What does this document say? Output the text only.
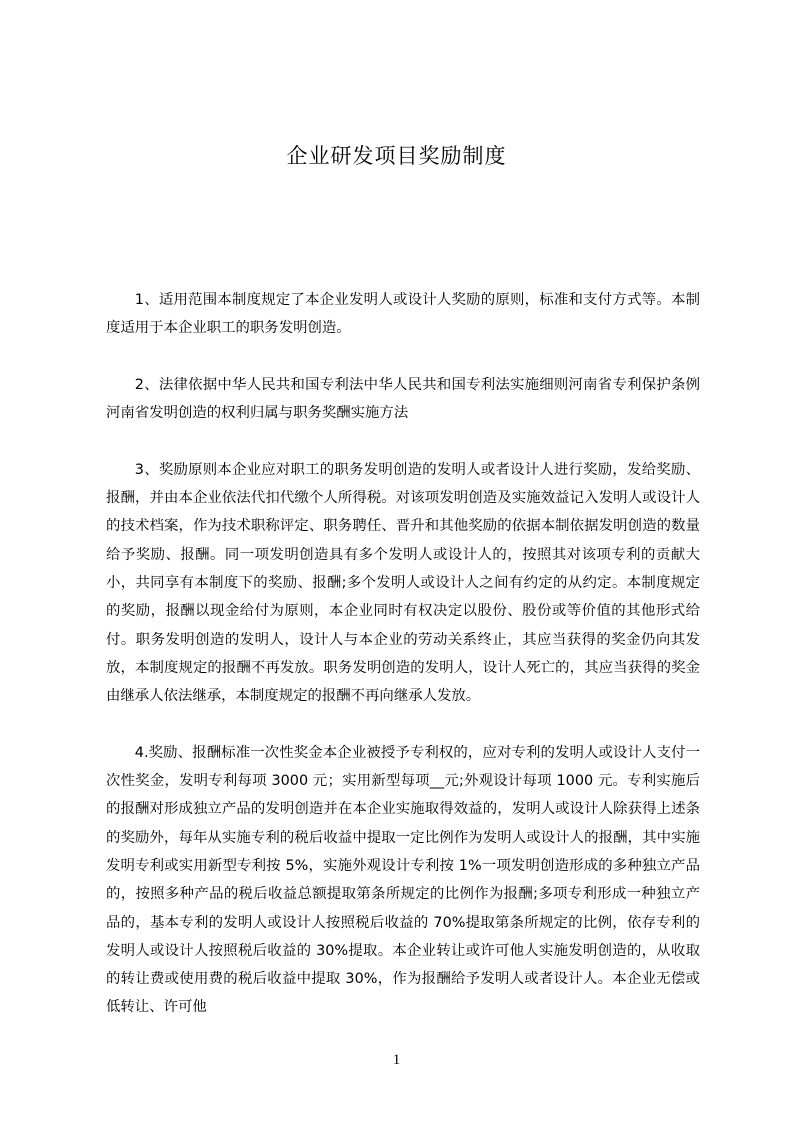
企业研发项目奖励制度

1、适用范围本制度规定了本企业发明人或设计人奖励的原则，标准和支付方式等。本制度适用于本企业职工的职务发明创造。

2、法律依据中华人民共和国专利法中华人民共和国专利法实施细则河南省专利保护条例河南省发明创造的权利归属与职务奖酬实施方法

3、奖励原则本企业应对职工的职务发明创造的发明人或者设计人进行奖励，发给奖励、报酬，并由本企业依法代扣代缴个人所得税。对该项发明创造及实施效益记入发明人或设计人的技术档案，作为技术职称评定、职务聘任、晋升和其他奖励的依据本制依据发明创造的数量给予奖励、报酬。同一项发明创造具有多个发明人或设计人的，按照其对该项专利的贡献大小，共同享有本制度下的奖励、报酬;多个发明人或设计人之间有约定的从约定。本制度规定的奖励，报酬以现金给付为原则，本企业同时有权决定以股份、股份或等价值的其他形式给付。职务发明创造的发明人，设计人与本企业的劳动关系终止，其应当获得的奖金仍向其发放，本制度规定的报酬不再发放。职务发明创造的发明人，设计人死亡的，其应当获得的奖金由继承人依法继承，本制度规定的报酬不再向继承人发放。

4.奖励、报酬标准一次性奖金本企业被授予专利权的，应对专利的发明人或设计人支付一次性奖金，发明专利每项 3000 元；实用新型每项__元;外观设计每项 1000 元。专利实施后的报酬对形成独立产品的发明创造并在本企业实施取得效益的，发明人或设计人除获得上述条的奖励外，每年从实施专利的税后收益中提取一定比例作为发明人或设计人的报酬，其中实施发明专利或实用新型专利按 5%，实施外观设计专利按 1%一项发明创造形成的多种独立产品的，按照多种产品的税后收益总额提取第条所规定的比例作为报酬;多项专利形成一种独立产品的，基本专利的发明人或设计人按照税后收益的 70%提取第条所规定的比例，依存专利的发明人或设计人按照税后收益的 30%提取。本企业转让或许可他人实施发明创造的，从收取的转让费或使用费的税后收益中提取 30%，作为报酬给予发明人或者设计人。本企业无偿或低转让、许可他

1
